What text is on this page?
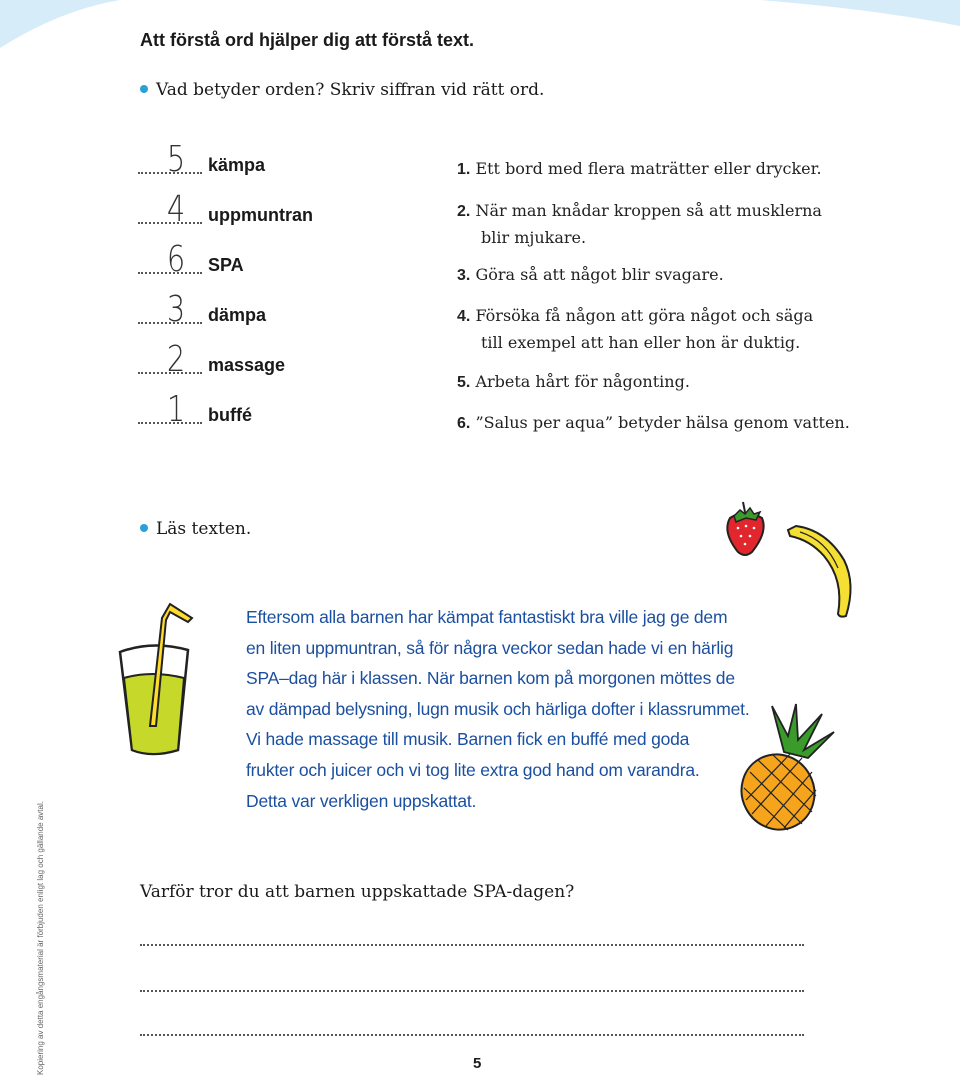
Att förstå ord hjälper dig att förstå text.
Vad betyder orden? Skriv siffran vid rätt ord.
5	kämpa
4	uppmuntran
6	SPA
3	dämpa
2	massage
1	buffé
1. Ett bord med flera maträtter eller drycker.
2. När man knådar kroppen så att musklerna
blir mjukare.
3. Göra så att något blir svagare.
4. Försöka få någon att göra något och säga
till exempel att han eller hon är duktig.
5. Arbeta hårt för någonting.
6. ”Salus per aqua” betyder hälsa genom vatten.
Läs texten.
Eftersom alla barnen har kämpat fantastiskt bra ville jag ge dem
en liten uppmuntran, så för några veckor sedan hade vi en härlig
SPA–dag här i klassen. När barnen kom på morgonen möttes de
av dämpad belysning, lugn musik och härliga dofter i klassrummet.
Vi hade massage till musik. Barnen fick en buffé med goda
frukter och juicer och vi tog lite extra god hand om varandra.
Detta var verkligen uppskattat.
Varför tror du att barnen uppskattade SPA-dagen?
Kopiering av detta engångsmaterial är förbjuden enligt lag och gällande avtal.	5
